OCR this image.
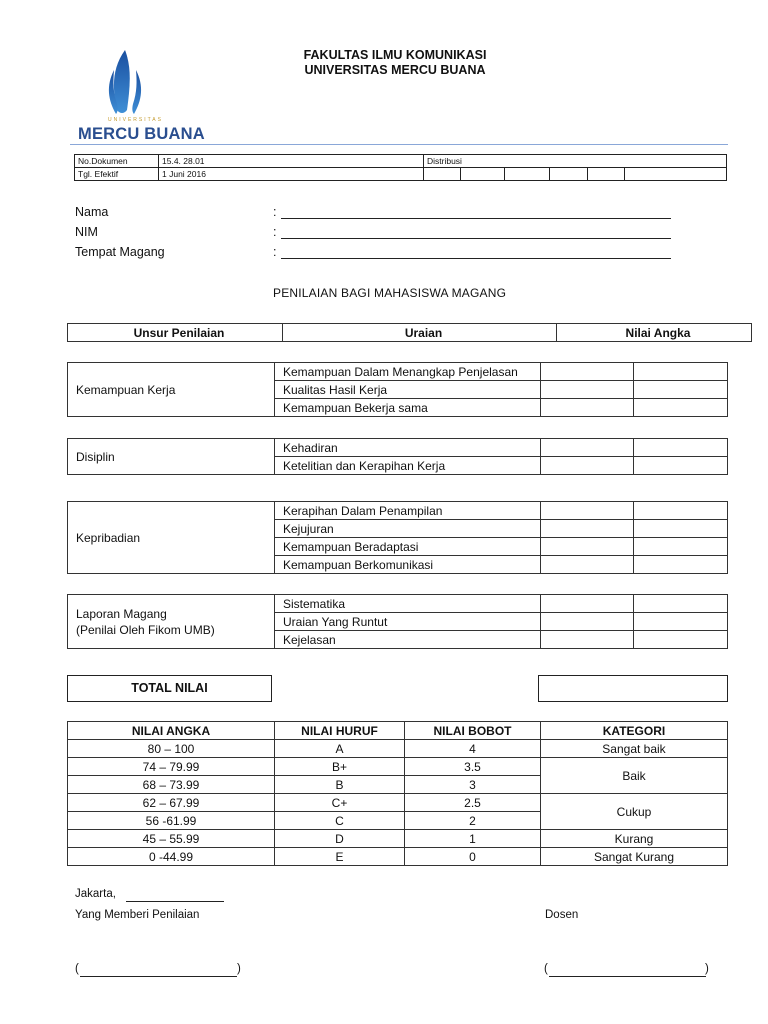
UNIVERSITAS
MERCU BUANA
FAKULTAS ILMU KOMUNIKASI
UNIVERSITAS MERCU BUANA
No.Dokumen	15.4. 28.01	Distribusi					
Tgl. Efektif	1 Juni 2016						
Nama	:
NIM	:
Tempat Magang	:
PENILAIAN BAGI MAHASISWA MAGANG
Unsur Penilaian	Uraian	Nilai Angka
Kemampuan Kerja	Kemampuan Dalam Menangkap Penjelasan		
	Kualitas Hasil Kerja		
	Kemampuan Bekerja sama		
Disiplin	Kehadiran		
	Ketelitian dan Kerapihan Kerja		
Kepribadian	Kerapihan Dalam Penampilan		
	Kejujuran		
	Kemampuan Beradaptasi		
	Kemampuan Berkomunikasi		
Laporan Magang
(Penilai Oleh Fikom UMB)	Sistematika		
	Uraian Yang Runtut		
	Kejelasan		
TOTAL NILAI
NILAI ANGKA	NILAI HURUF	NILAI BOBOT	KATEGORI
80 – 100	A	4	Sangat baik
74 – 79.99	B+	3.5	Baik
68 – 73.99	B	3	
62 – 67.99	C+	2.5	Cukup
56 -61.99	C	2	
45 – 55.99	D	1	Kurang
0 -44.99	E	0	Sangat Kurang
Jakarta,
Yang Memberi Penilaian	Dosen
(	)	(	)
